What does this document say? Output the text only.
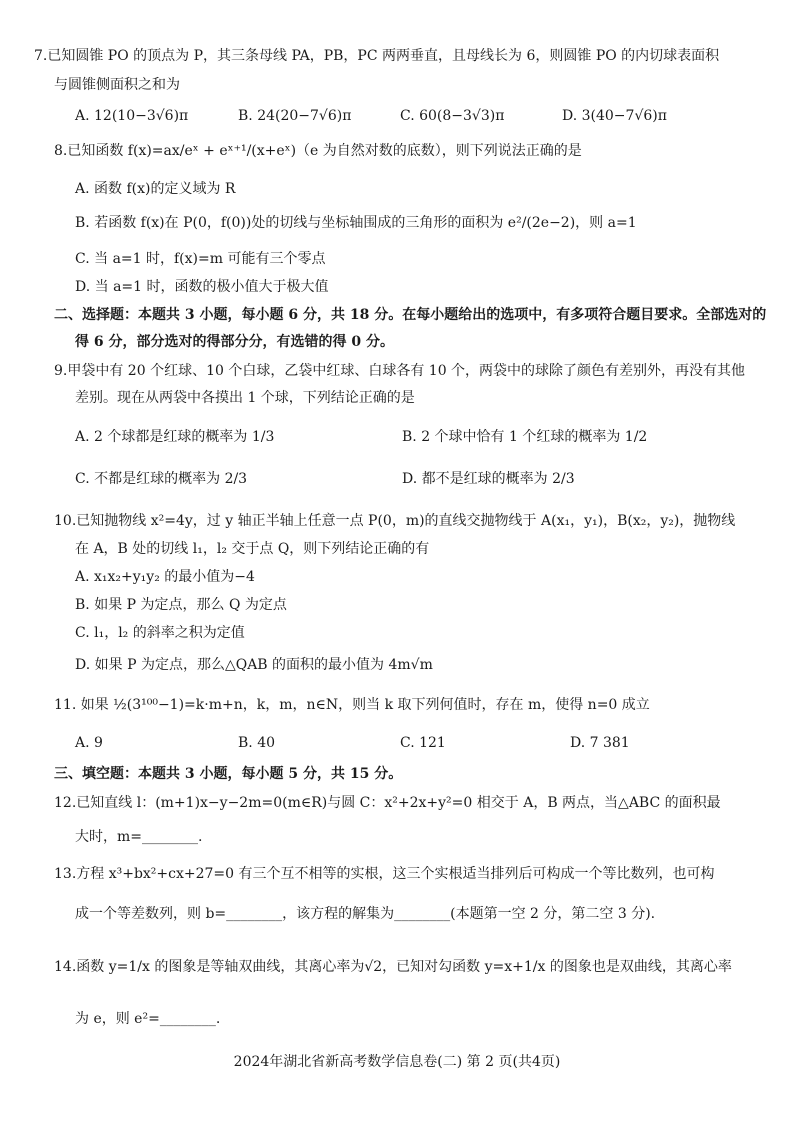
7.已知圆锥 PO 的顶点为 P，其三条母线 PA，PB，PC 两两垂直，且母线长为 6，则圆锥 PO 的内切球表面积
与圆锥侧面积之和为
A. 12(10−3√6)π	B. 24(20−7√6)π	C. 60(8−3√3)π	D. 3(40−7√6)π
8.已知函数 f(x)=ax/eˣ + eˣ⁺¹/(x+eˣ)（e 为自然对数的底数），则下列说法正确的是
A. 函数 f(x)的定义域为 R
B. 若函数 f(x)在 P(0，f(0))处的切线与坐标轴围成的三角形的面积为 e²/(2e−2)，则 a=1
C. 当 a=1 时，f(x)=m 可能有三个零点
D. 当 a=1 时，函数的极小值大于极大值
二、选择题：本题共 3 小题，每小题 6 分，共 18 分。在每小题给出的选项中，有多项符合题目要求。全部选对的
得 6 分，部分选对的得部分分，有选错的得 0 分。
9.甲袋中有 20 个红球、10 个白球，乙袋中红球、白球各有 10 个，两袋中的球除了颜色有差别外，再没有其他
差别。现在从两袋中各摸出 1 个球，下列结论正确的是
A. 2 个球都是红球的概率为 1/3	B. 2 个球中恰有 1 个红球的概率为 1/2
C. 不都是红球的概率为 2/3	D. 都不是红球的概率为 2/3
10.已知抛物线 x²=4y，过 y 轴正半轴上任意一点 P(0，m)的直线交抛物线于 A(x₁，y₁)，B(x₂，y₂)，抛物线
在 A，B 处的切线 l₁，l₂ 交于点 Q，则下列结论正确的有
A. x₁x₂+y₁y₂ 的最小值为−4
B. 如果 P 为定点，那么 Q 为定点
C. l₁，l₂ 的斜率之积为定值
D. 如果 P 为定点，那么△QAB 的面积的最小值为 4m√m
11. 如果 ½(3¹⁰⁰−1)=k·m+n，k，m，n∈N，则当 k 取下列何值时，存在 m，使得 n=0 成立
A. 9	B. 40	C. 121	D. 7 381
三、填空题：本题共 3 小题，每小题 5 分，共 15 分。
12.已知直线 l：(m+1)x−y−2m=0(m∈R)与圆 C：x²+2x+y²=0 相交于 A，B 两点，当△ABC 的面积最
大时，m=________.
13.方程 x³+bx²+cx+27=0 有三个互不相等的实根，这三个实根适当排列后可构成一个等比数列，也可构
成一个等差数列，则 b=________，该方程的解集为________(本题第一空 2 分，第二空 3 分).
14.函数 y=1/x 的图象是等轴双曲线，其离心率为√2，已知对勾函数 y=x+1/x 的图象也是双曲线，其离心率
为 e，则 e²=________.
2024年湖北省新高考数学信息卷(二) 第 2 页(共4页)
